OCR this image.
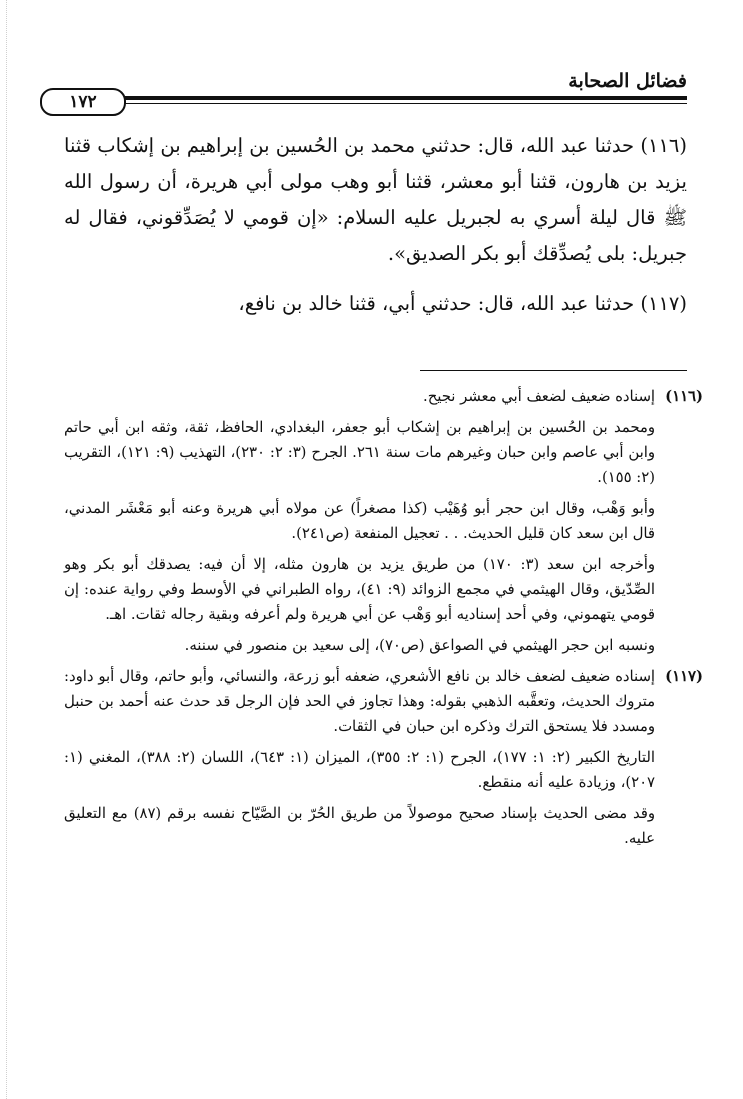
فضائل الصحابة
١٧٢

(١١٦) حدثنا عبد الله، قال: حدثني محمد بن الحُسين بن إبراهيم بن إشكاب قثنا يزيد بن هارون، قثنا أبو معشر، قثنا أبو وهب مولى أبي هريرة، أن رسول الله ﷺ قال ليلة أسري به لجبريل عليه السلام: «إن قومي لا يُصَدِّقوني، فقال له جبريل: بلى يُصدِّقك أبو بكر الصديق».

(١١٧) حدثنا عبد الله، قال: حدثني أبي، قثنا خالد بن نافع،

(١١٦)

إسناده ضعيف لضعف أبي معشر نجيح.

ومحمد بن الحُسين بن إبراهيم بن إشكاب أبو جعفر، البغدادي، الحافظ، ثقة، وثقه ابن أبي حاتم وابن أبي عاصم وابن حبان وغيرهم مات سنة ٢٦١. الجرح (٣: ٢: ٢٣٠)، التهذيب (٩: ١٢١)، التقريب (٢: ١٥٥).

وأبو وَهْب، وقال ابن حجر أبو وُهَيْب (كذا مصغراً) عن مولاه أبي هريرة وعنه أبو مَعْشَر المدني، قال ابن سعد كان قليل الحديث. . . تعجيل المنفعة (ص٢٤١).

وأخرجه ابن سعد (٣: ١٧٠) من طريق يزيد بن هارون مثله، إلا أن فيه: يصدقك أبو بكر وهو الصِّدّيق، وقال الهيثمي في مجمع الزوائد (٩: ٤١)، رواه الطبراني في الأوسط وفي رواية عنده: إن قومي يتهموني، وفي أحد إسناديه أبو وَهْب عن أبي هريرة ولم أعرفه وبقية رجاله ثقات. اهـ.

ونسبه ابن حجر الهيثمي في الصواعق (ص٧٠)، إلى سعيد بن منصور في سننه.

(١١٧)

إسناده ضعيف لضعف خالد بن نافع الأشعري، ضعفه أبو زرعة، والنسائي، وأبو حاتم، وقال أبو داود: متروك الحديث، وتعقَّبه الذهبي بقوله: وهذا تجاوز في الحد فإن الرجل قد حدث عنه أحمد بن حنبل ومسدد فلا يستحق الترك وذكره ابن حبان في الثقات.

التاريخ الكبير (٢: ١: ١٧٧)، الجرح (١: ٢: ٣٥٥)، الميزان (١: ٦٤٣)، اللسان (٢: ٣٨٨)، المغني (١: ٢٠٧)، وزيادة عليه أنه منقطع.

وقد مضى الحديث بإسناد صحيح موصولاً من طريق الحُرّ بن الصَّيّاح نفسه برقم (٨٧) مع التعليق عليه.
